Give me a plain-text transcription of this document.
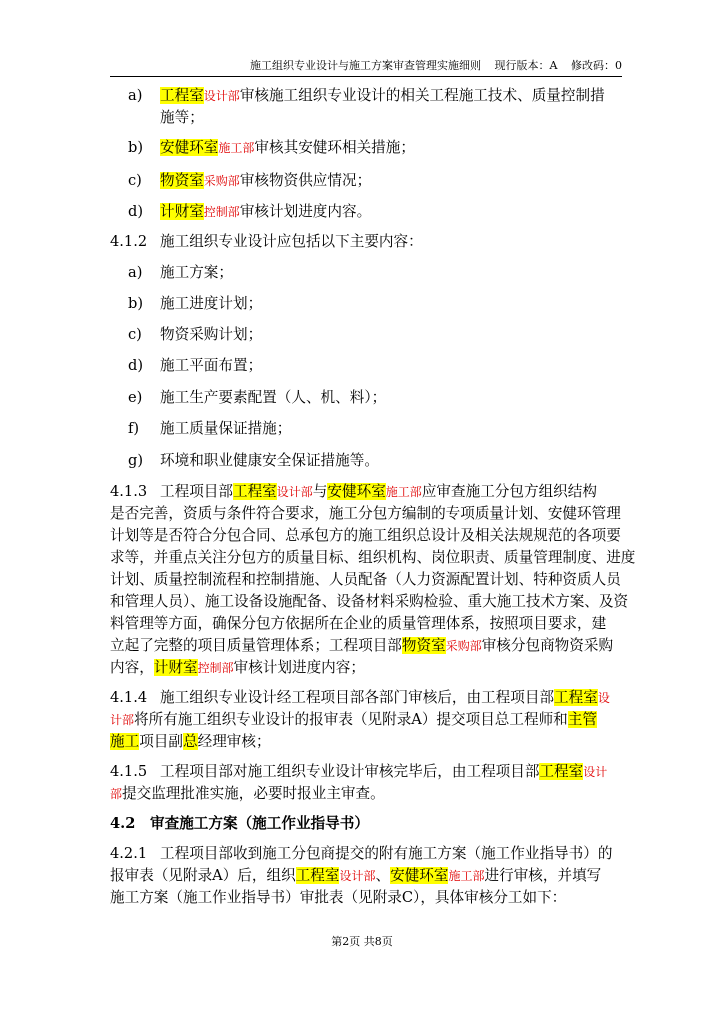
施工组织专业设计与施工方案审查管理实施细则 现行版本：A 修改码：0
a) 工程室设计部审核施工组织专业设计的相关工程施工技术、质量控制措
施等；
b) 安健环室施工部审核其安健环相关措施；
c) 物资室采购部审核物资供应情况；
d) 计财室控制部审核计划进度内容。
4.1.2 施工组织专业设计应包括以下主要内容：
a) 施工方案；
b) 施工进度计划；
c) 物资采购计划；
d) 施工平面布置；
e) 施工生产要素配置（人、机、料）；
f) 施工质量保证措施；
g) 环境和职业健康安全保证措施等。
4.1.3 工程项目部工程室设计部与安健环室施工部应审查施工分包方组织结构
是否完善，资质与条件符合要求，施工分包方编制的专项质量计划、安健环管理
计划等是否符合分包合同、总承包方的施工组织总设计及相关法规规范的各项要
求等，并重点关注分包方的质量目标、组织机构、岗位职责、质量管理制度、进度
计划、质量控制流程和控制措施、人员配备（人力资源配置计划、特种资质人员
和管理人员）、施工设备设施配备、设备材料采购检验、重大施工技术方案、及资
料管理等方面，确保分包方依据所在企业的质量管理体系，按照项目要求，建
立起了完整的项目质量管理体系；工程项目部物资室采购部审核分包商物资采购
内容，计财室控制部审核计划进度内容；
4.1.4 施工组织专业设计经工程项目部各部门审核后，由工程项目部工程室设
计部将所有施工组织专业设计的报审表（见附录A）提交项目总工程师和主管
施工项目副总经理审核；
4.1.5 工程项目部对施工组织专业设计审核完毕后，由工程项目部工程室设计
部提交监理批准实施，必要时报业主审查。
4.2 审查施工方案（施工作业指导书）
4.2.1 工程项目部收到施工分包商提交的附有施工方案（施工作业指导书）的
报审表（见附录A）后，组织工程室设计部、安健环室施工部进行审核，并填写
施工方案（施工作业指导书）审批表（见附录C），具体审核分工如下：
第2页 共8页
